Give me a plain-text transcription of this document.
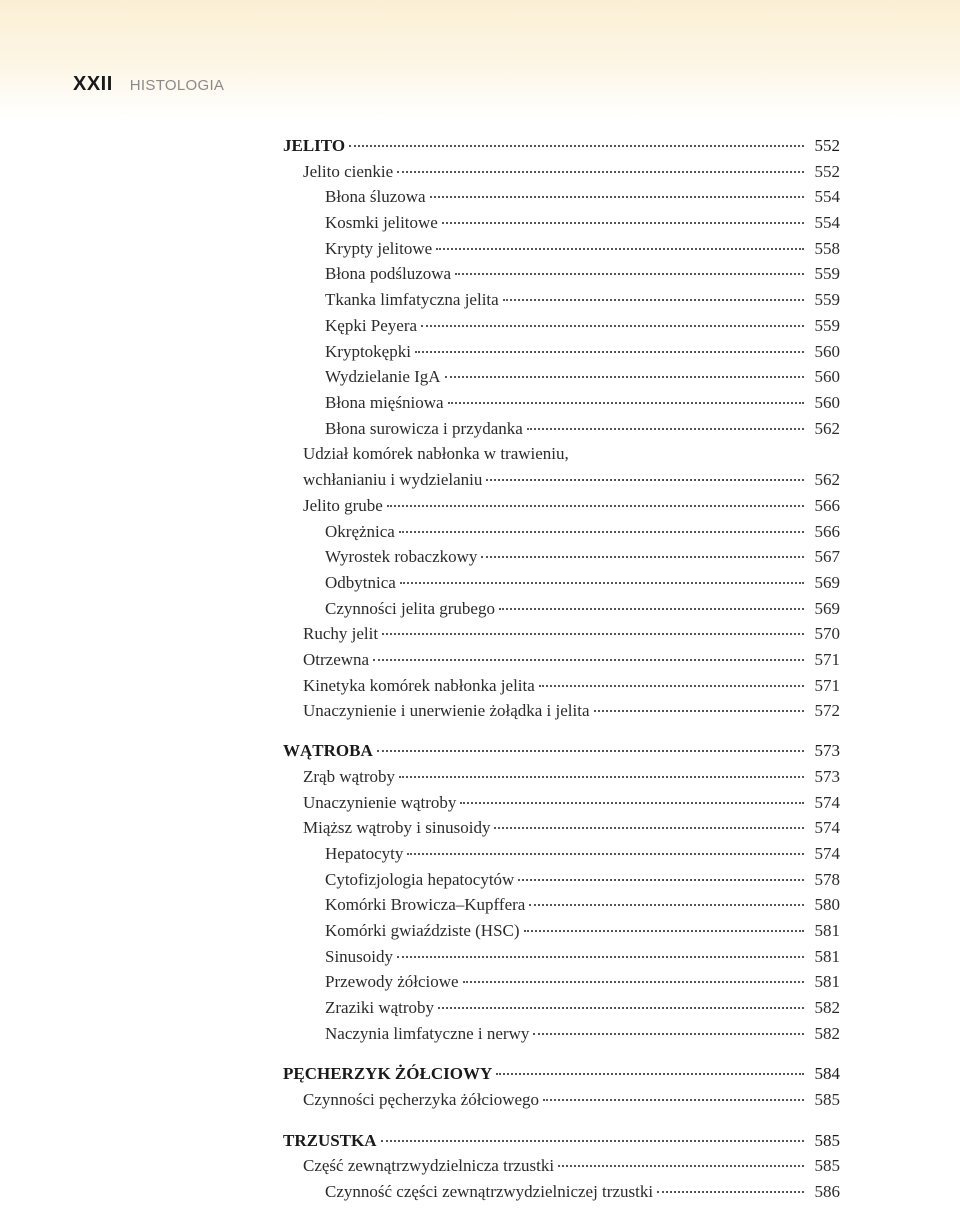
XXII HISTOLOGIA
JELITO	552
Jelito cienkie	552
Błona śluzowa	554
Kosmki jelitowe	554
Krypty jelitowe	558
Błona podśluzowa	559
Tkanka limfatyczna jelita	559
Kępki Peyera	559
Kryptokępki	560
Wydzielanie IgA	560
Błona mięśniowa	560
Błona surowicza i przydanka	562
Udział komórek nabłonka w trawieniu,
wchłanianiu i wydzielaniu	562
Jelito grube	566
Okrężnica	566
Wyrostek robaczkowy	567
Odbytnica	569
Czynności jelita grubego	569
Ruchy jelit	570
Otrzewna	571
Kinetyka komórek nabłonka jelita	571
Unaczynienie i unerwienie żołądka i jelita	572
WĄTROBA	573
Zrąb wątroby	573
Unaczynienie wątroby	574
Miąższ wątroby i sinusoidy	574
Hepatocyty	574
Cytofizjologia hepatocytów	578
Komórki Browicza–Kupffera	580
Komórki gwiaździste (HSC)	581
Sinusoidy	581
Przewody żółciowe	581
Zraziki wątroby	582
Naczynia limfatyczne i nerwy	582
PĘCHERZYK ŻÓŁCIOWY	584
Czynności pęcherzyka żółciowego	585
TRZUSTKA	585
Część zewnątrzwydzielnicza trzustki	585
Czynność części zewnątrzwydzielniczej trzustki	586
